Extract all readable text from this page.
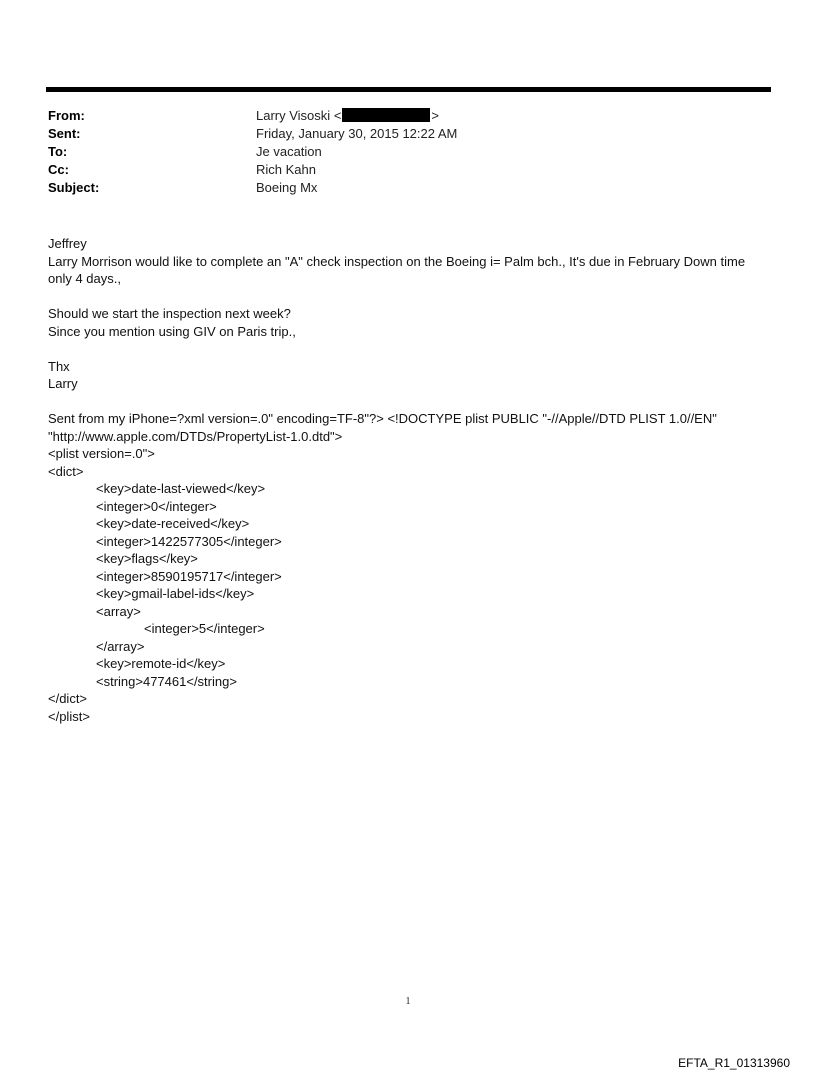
From:	Larry Visoski <	>
Sent:	Friday, January 30, 2015 12:22 AM
To:	Je vacation
Cc:	Rich Kahn
Subject:	Boeing Mx

Jeffrey

Larry Morrison would like to complete an "A" check inspection on the Boeing i= Palm bch., It's due in February Down time only 4 days.,

Should we start the inspection next week?

Since you mention using GIV on Paris trip.,

Thx

Larry

Sent from my iPhone=?xml version=.0" encoding=TF-8"?> <!DOCTYPE plist PUBLIC "-//Apple//DTD PLIST 1.0//EN" "http://www.apple.com/DTDs/PropertyList-1.0.dtd">

<plist version=.0">

<dict>

<key>date-last-viewed</key>

<integer>0</integer>

<key>date-received</key>

<integer>1422577305</integer>

<key>flags</key>

<integer>8590195717</integer>

<key>gmail-label-ids</key>

<array>

<integer>5</integer>

</array>

<key>remote-id</key>

<string>477461</string>

</dict>

</plist>

1
EFTA_R1_01313960
